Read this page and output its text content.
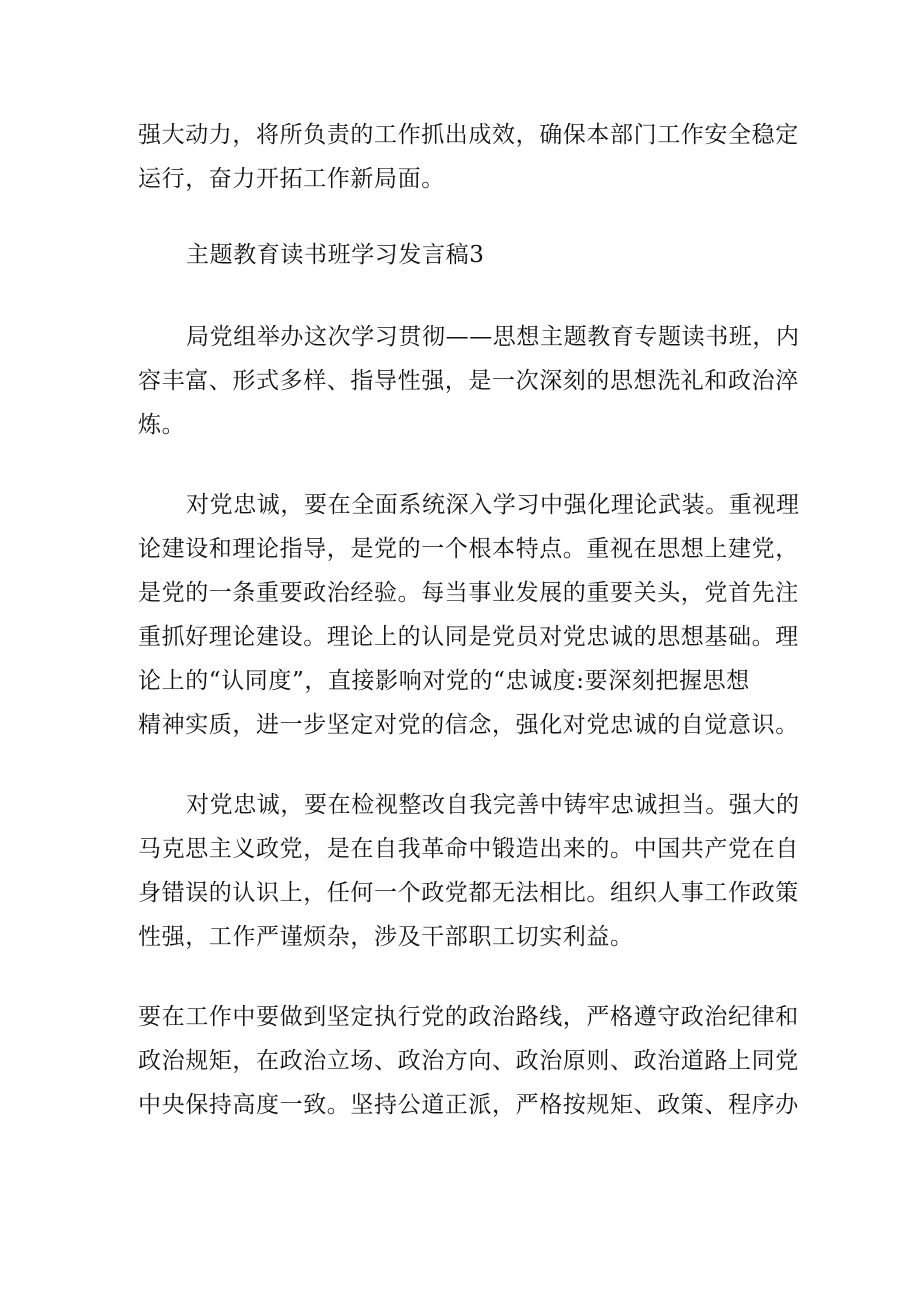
强大动力，将所负责的工作抓出成效，确保本部门工作安全稳定
运行，奋力开拓工作新局面。

主题教育读书班学习发言稿3

局党组举办这次学习贯彻——思想主题教育专题读书班，内
容丰富、形式多样、指导性强，是一次深刻的思想洗礼和政治淬
炼。

对党忠诚，要在全面系统深入学习中强化理论武装。重视理
论建设和理论指导，是党的一个根本特点。重视在思想上建党，
是党的一条重要政治经验。每当事业发展的重要关头，党首先注
重抓好理论建设。理论上的认同是党员对党忠诚的思想基础。理
论上的“认同度”，直接影响对党的“忠诚度:要深刻把握思想
精神实质，进一步坚定对党的信念，强化对党忠诚的自觉意识。

对党忠诚，要在检视整改自我完善中铸牢忠诚担当。强大的
马克思主义政党，是在自我革命中锻造出来的。中国共产党在自
身错误的认识上，任何一个政党都无法相比。组织人事工作政策
性强，工作严谨烦杂，涉及干部职工切实利益。

要在工作中要做到坚定执行党的政治路线，严格遵守政治纪律和
政治规矩，在政治立场、政治方向、政治原则、政治道路上同党
中央保持高度一致。坚持公道正派，严格按规矩、政策、程序办
